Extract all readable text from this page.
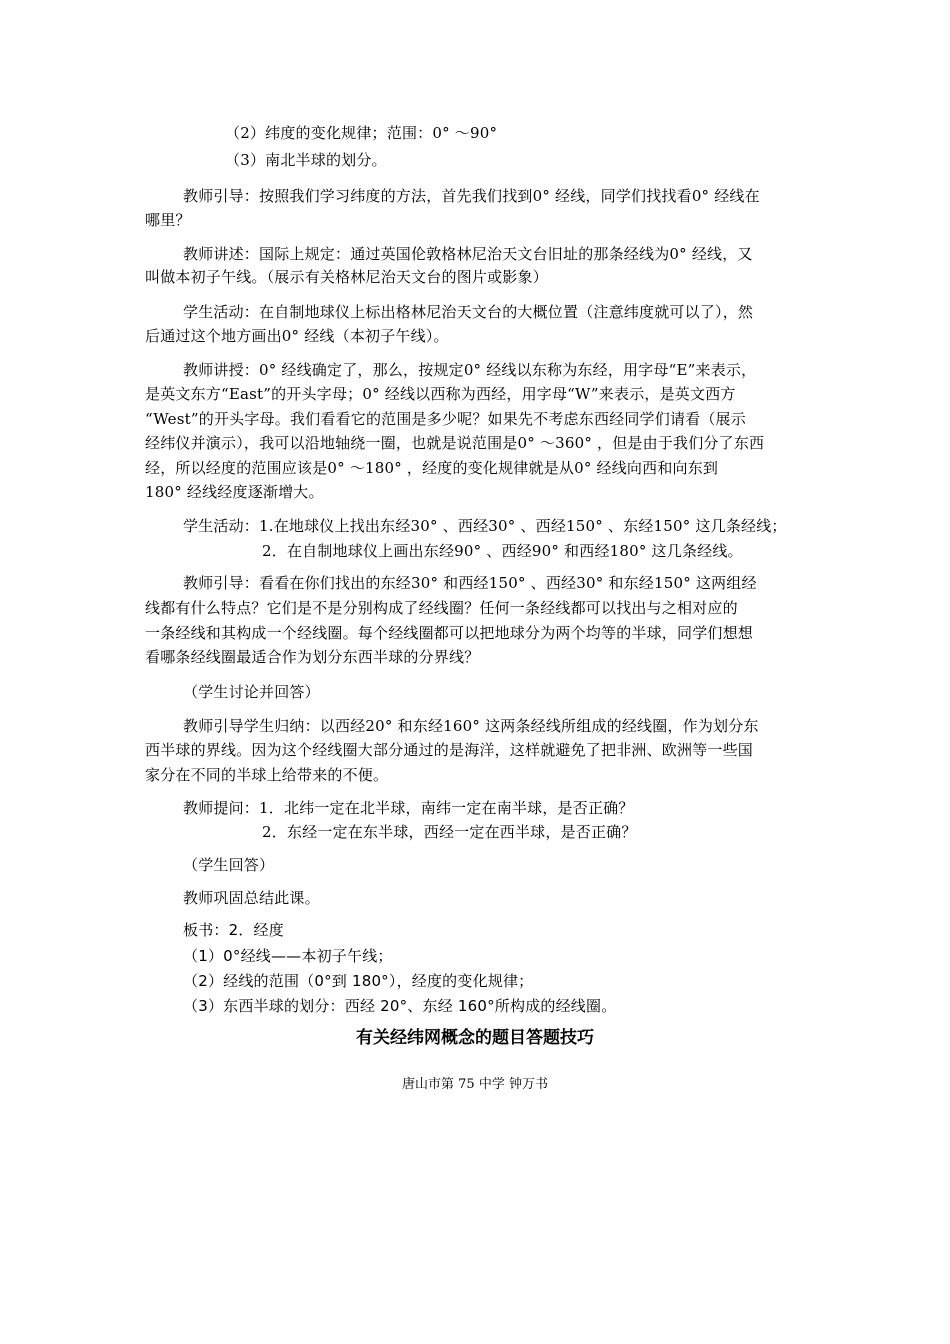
（2）纬度的变化规律；范围：0° ～90°
（3）南北半球的划分。
教师引导：按照我们学习纬度的方法，首先我们找到0° 经线，同学们找找看0° 经线在
哪里？
教师讲述：国际上规定：通过英国伦敦格林尼治天文台旧址的那条经线为0° 经线，又
叫做本初子午线。（展示有关格林尼治天文台的图片或影象）
学生活动：在自制地球仪上标出格林尼治天文台的大概位置（注意纬度就可以了），然
后通过这个地方画出0° 经线（本初子午线）。
教师讲授：0° 经线确定了，那么，按规定0° 经线以东称为东经，用字母“E”来表示，
是英文东方“East”的开头字母；0° 经线以西称为西经，用字母“W”来表示，是英文西方
“West”的开头字母。我们看看它的范围是多少呢？如果先不考虑东西经同学们请看（展示
经纬仪并演示），我可以沿地轴绕一圈，也就是说范围是0° ～360° ，但是由于我们分了东西
经，所以经度的范围应该是0° ～180° ，经度的变化规律就是从0° 经线向西和向东到
180° 经线经度逐渐增大。
学生活动：1.在地球仪上找出东经30° 、西经30° 、西经150° 、东经150° 这几条经线；
2．在自制地球仪上画出东经90° 、西经90° 和西经180° 这几条经线。
教师引导：看看在你们找出的东经30° 和西经150° 、西经30° 和东经150° 这两组经
线都有什么特点？它们是不是分别构成了经线圈？任何一条经线都可以找出与之相对应的
一条经线和其构成一个经线圈。每个经线圈都可以把地球分为两个均等的半球，同学们想想
看哪条经线圈最适合作为划分东西半球的分界线？
（学生讨论并回答）
教师引导学生归纳：以西经20° 和东经160° 这两条经线所组成的经线圈，作为划分东
西半球的界线。因为这个经线圈大部分通过的是海洋，这样就避免了把非洲、欧洲等一些国
家分在不同的半球上给带来的不便。
教师提问：1．北纬一定在北半球，南纬一定在南半球，是否正确？
2．东经一定在东半球，西经一定在西半球，是否正确？
（学生回答）
教师巩固总结此课。
板书：2．经度
（1）0°经线——本初子午线；
（2）经线的范围（0°到 180°），经度的变化规律；
（3）东西半球的划分：西经 20°、东经 160°所构成的经线圈。
有关经纬网概念的题目答题技巧
唐山市第 75 中学 钟万书
